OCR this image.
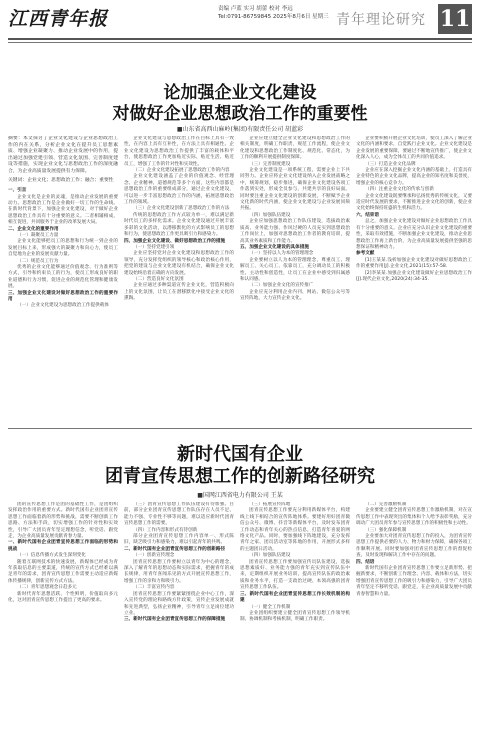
江西青年报	责编 卢蓝 实习 胡蕾 校对 李远
Tel:0791-86759845 2025年8月6日 星期三 青年理论研究 11
论加强企业文化建设
对做好企业思想政治工作的重要性
■山东省高西山麻岭(集团)有限责任公司 胡蓝彩
摘要：本文探讨了企业文化建设与企业思想政治工作的内在关系，分析企业文化在提升员工思想素质、增强企业凝聚力、推动企业发展中的作用，提出通过加强党建引领、营造文化氛围、完善制度建设等措施，实现企业文化与思想政治工作的深度融合，为企业高质量发展提供有力保障。
关键词：企业文化；思想政治工作；融合；重要性

一、引言

企业文化是企业的灵魂，是推动企业发展的重要动力。思想政治工作是企业做好一切工作的生命线。在新时代背景下，加强企业文化建设，对于做好企业思想政治工作具有十分重要的意义。二者相辅相成、相互促进，共同服务于企业的改革发展大局。

二、企业文化的重要作用

（一）凝聚员工力量

企业文化能够把员工的思想和行为统一到企业的发展目标上来，形成强大的凝聚力和向心力，使员工自觉地为企业的发展贡献力量。

（二）规范员工行为

优秀的企业文化能够通过价值观念、行为准则等方式，引导和约束员工的行为，使员工形成良好的职业道德和行为习惯，促进企业的规范化管理和健康发展。

三、加强企业文化建设对做好思想政治工作的重要作用

（一）企业文化建设为思想政治工作提供载体

企业文化建设与思想政治工作在目标上具有一致性，在内容上具有互补性，在方法上具有相通性。企业文化建设为思想政治工作提供了丰富的载体和平台，使思想政治工作更加贴近实际、贴近生活、贴近员工，增强了工作的针对性和实效性。

（二）企业文化建设拓展了思想政治工作的内容

企业文化建设涵盖了企业的价值观念、经营理念、企业精神、道德规范等多个方面，这些内容都是思想政治工作的重要组成部分，通过企业文化建设，可以进一步丰富思想政治工作的内涵，拓展思想政治工作的领域。

（三）企业文化建设创新了思想政治工作的方法

传统的思想政治工作方式较为单一，难以满足新时代员工的多样化需求。企业文化建设通过开展丰富多彩的文化活动，以潜移默化的方式影响员工的思想和行为，使思想政治工作更具吸引力和感染力。

四、加强企业文化建设、做好思想政治工作的措施

（一）坚持党建引领

企业应坚持党对企业文化建设和思想政治工作的领导，充分发挥党组织的领导核心和政治核心作用，把党的建设与企业文化建设有机结合，确保企业文化建设始终沿着正确的方向发展。

（二）营造良好文化氛围

企业应通过多种渠道宣传企业文化，营造积极向上的文化氛围，让员工在潜移默化中接受企业文化的熏陶。

企业应建立健全企业文化建设和思想政治工作的相关制度，明确工作职责，规范工作流程，使企业文化建设和思想政治工作制度化、规范化、常态化，为工作的顺利开展提供制度保障。

（三）完善制度建设

企业文化建设是一项系统工程，需要企业上下共同努力。企业应将企业文化建设纳入企业发展战略之中，统筹规划，稳步推进，确保企业文化建设各项工作落到实处，形成全员参与、共建共享的良好局面。同时要注重企业文化建设的创新发展，不断赋予企业文化新的时代内涵，使企业文化建设与企业发展同频共振。

（四）加强队伍建设

企业应加强思想政治工作队伍建设，选拔政治素质高、业务能力强、作风过硬的人员充实到思想政治工作岗位上，加强对思想政治工作者的教育培训，提高其业务素质和工作能力。

五、加强企业文化建设的具体措施

（一）坚持以人为本的管理理念

企业要树立以人为本的管理理念，尊重员工、理解员工、关心员工、依靠员工，充分调动员工的积极性、主动性和创造性，让员工在企业中感受到归属感和认同感。

（二）加强企业文化的宣传推广

企业应充分利用企业内刊、网站、微信公众号等宣传阵地，大力宣传企业文化。

企业要积极开展企业文化培训，使员工深入了解企业文化的内涵和要求，自觉践行企业文化。企业文化建设是企业发展的重要保障，要通过不断地宣传推广，使企业文化深入人心，成为全体员工的共同价值追求。

（三）打造企业文化品牌

企业应在深入挖掘企业文化内涵的基础上，打造具有企业特色的企业文化品牌，提高企业的知名度和美誉度，增强企业的核心竞争力。

（四）注重企业文化的传承与创新

企业文化建设既要继承和弘扬优秀的传统文化，又要适应时代发展的要求，不断推进企业文化的创新，使企业文化始终保持旺盛的生机和活力。

六、结束语

总之，加强企业文化建设对做好企业思想政治工作具有十分重要的意义。企业应充分认识企业文化建设的重要性，采取有效措施，不断加强企业文化建设，推动企业思想政治工作再上新台阶，为企业高质量发展提供坚强的思想保证和精神动力。

参考文献

[1]王某某.浅析加强企业文化建设对做好思想政治工作的重要作用[J].企业文化,2021(15):57-58.

[2]李某某.加强企业文化建设做好企业思想政治工作[J].现代企业文化,2020(24):34-35.

新时代国有企业
团青宣传思想工作的创新路径研究
■国网江西省电力有限公司 王某

团的宣传思想工作是团的基础性工作，是团组织发挥政治作用的重要方式。新时代国有企业团青宣传思想工作面临着新的形势和挑战，需要不断创新工作思路、方法和手段，切实增强工作的针对性和实效性，引导广大团员青年坚定理想信念，听党话、跟党走，为企业高质量发展贡献青春力量。

一、新时代国有企业团青宣传思想工作面临的形势和挑战

（一）信息传播方式发生深刻变化

随着互联网技术的快速发展，新媒体已经成为青年获取信息的主要渠道，传统的宣传方式已经难以满足青年的需求，团青宣传思想工作需要主动适应新媒体传播规律，创新宣传方式方法。

（二）青年思想观念日趋多元

新时代青年思想活跃、个性鲜明，价值取向多元化，这对团青宣传思想工作提出了更高的要求。

（三）团青宣传思想工作队伍建设有待加强。目前，部分企业团青宣传思想工作队伍存在人员不足、能力不强、专业性不够等问题，难以适应新时代团青宣传思想工作的需要。

（四）工作内容和形式有待创新

部分企业团青宣传思想工作内容单一、形式陈旧，缺乏吸引力和感染力，难以引起青年的共鸣。

二、新时代国有企业团青宣传思想工作的创新路径

（一）创新宣传理念

团青宣传思想工作要树立以青年为中心的理念，深入了解青年的思想动态和实际需求，把握青年的成长规律，用青年喜闻乐见的方式开展宣传思想工作，增强工作的亲和力和吸引力。

（二）丰富宣传内容

团青宣传思想工作要紧紧围绕企业中心工作，深入宣传党的理论和路线方针政策，宣传企业发展成就和先进典型，弘扬企业精神，引导青年立足岗位建功立业。

三、新时代国有企业团青宣传思想工作的保障措施

（三）拓展宣传阵地

团青宣传思想工作要充分利用新媒体平台，构建线上线下相结合的宣传阵地体系。要建好用好团青微信公众号、微博、抖音等新媒体平台，及时发布团青工作动态和青年关心的热点信息，打造青年喜爱的网络文化产品。同时，要加强线下阵地建设，充分发挥青年之家、团员活动室等阵地的作用，开展形式多样的主题团日活动。

（四）加强队伍建设

团青宣传思想工作要加强宣传员队伍建设，选拔思想素质好、业务能力强的青年充实到宣传队伍中来，定期组织开展业务培训，提高宣传队伍的政治素质和业务水平，打造一支政治过硬、本领高强的团青宣传思想工作队伍。

三、新时代国有企业团青宣传思想工作长效机制的构建

（一）健全工作机制

企业团组织要建立健全团青宣传思想工作领导机制、协调机制和考核机制，明确工作职责。

（二）完善激励机制

企业要建立健全团青宣传思想工作激励机制，对在宣传思想工作中表现突出的集体和个人给予表彰奖励，充分调动广大团员青年参与宣传思想工作的积极性和主动性。

（三）强化保障机制

企业要加大对团青宣传思想工作的投入，为团青宣传思想工作提供必要的人力、物力和财力保障，确保各项工作顺利开展。同时要加强对团青宣传思想工作的督促检查，及时发现和解决工作中存在的问题。

四、结语

新时代国有企业团青宣传思想工作要立足新形势、把握新要求，不断创新工作理念、内容、载体和方法，切实增强团青宣传思想工作的吸引力和感染力，引导广大团员青年坚定不移听党话、跟党走，在企业高质量发展中贡献青春智慧和力量。
